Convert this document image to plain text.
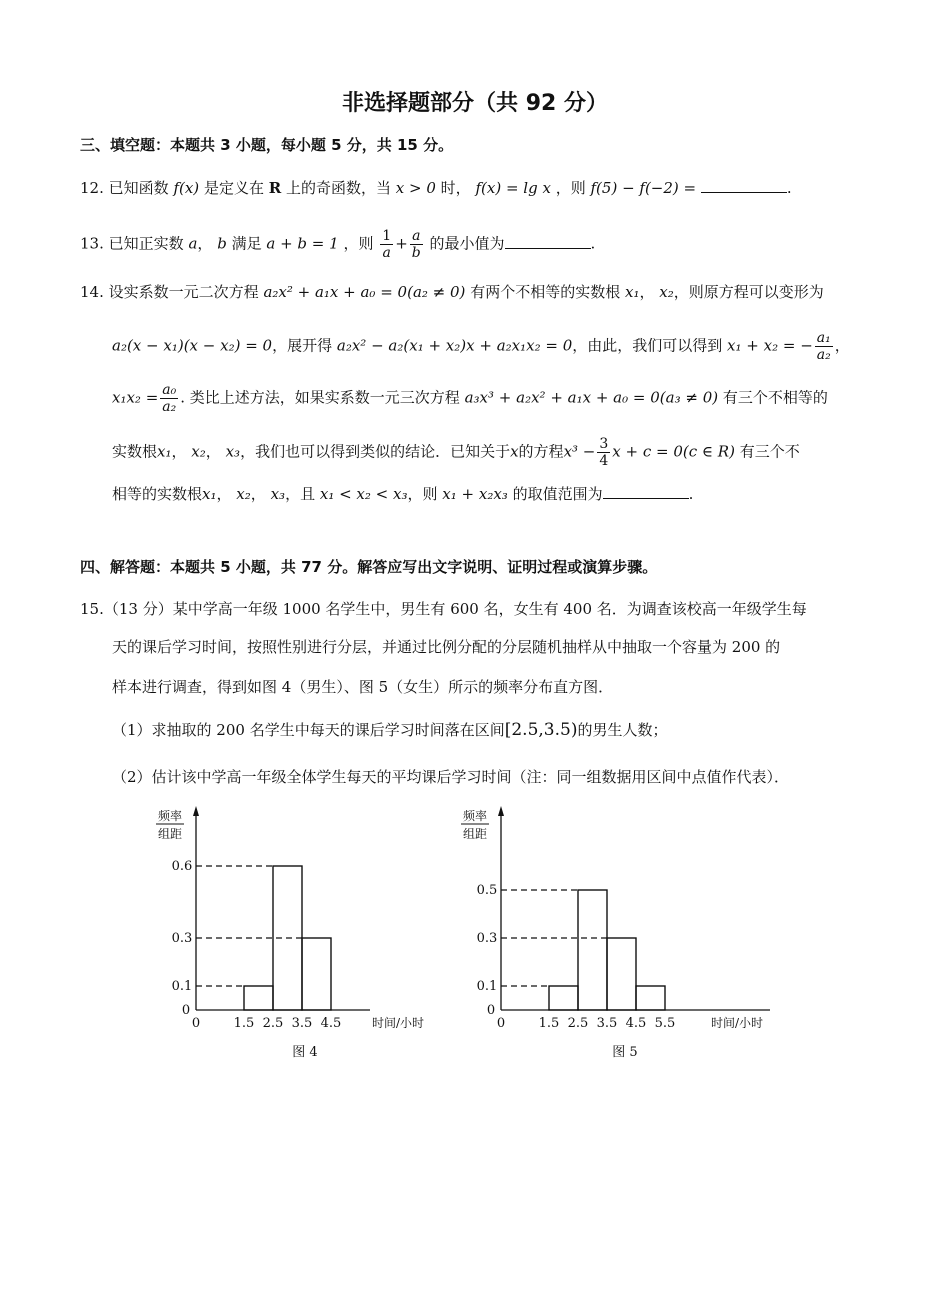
非选择题部分（共 92 分）
三、填空题：本题共 3 小题，每小题 5 分，共 15 分。
12. 已知函数 f(x) 是定义在 R 上的奇函数，当 x > 0 时， f(x) = lg x ，则 f(5) − f(−2) =	.
13. 已知正实数 a， b 满足 a + b = 1 ，则 $\frac{1}{a} + \frac{a}{b}$ 的最小值为	.
14. 设实系数一元二次方程 a₂x² + a₁x + a₀ = 0(a₂ ≠ 0) 有两个不相等的实数根 x₁， x₂，则原方程可以变形为
a₂(x − x₁)(x − x₂) = 0，展开得 a₂x² − a₂(x₁ + x₂)x + a₂x₁x₂ = 0，由此，我们可以得到 x₁ + x₂ = − $\frac{\text{a₁}}{\text{a₂}}$ ，
$x_1x_2 = \frac{\text{a₀}}{\text{a₂}}$ . 类比上述方法，如果实系数一元三次方程 a₃x³ + a₂x² + a₁x + a₀ = 0(a₃ ≠ 0) 有三个不相等的
实数根x₁， x₂， x₃，我们也可以得到类似的结论．已知关于x的方程$x^3 - \frac{3}{4}$ x + c = 0(c ∈ R) 有三个不
相等的实数根x₁， x₂， x₃，且 x₁ < x₂ < x₃，则 x₁ + x₂x₃ 的取值范围为	.
四、解答题：本题共 5 小题，共 77 分。解答应写出文字说明、证明过程或演算步骤。
15.（13 分）某中学高一年级 1000 名学生中，男生有 600 名，女生有 400 名．为调查该校高一年级学生每
天的课后学习时间，按照性别进行分层，并通过比例分配的分层随机抽样从中抽取一个容量为 200 的
样本进行调查，得到如图 4（男生）、图 5（女生）所示的频率分布直方图．
（1）求抽取的 200 名学生中每天的课后学习时间落在区间[2.5,3.5)的男生人数；
（2）估计该中学高一年级全体学生每天的平均课后学习时间（注：同一组数据用区间中点值作代表）．
频率
组距
0
0
0.1
0.3
0.6
1.5 2.5 3.5 4.5	时间/小时
图 4
频率
组距
0
0
0.1
0.3
0.5
1.5 2.5 3.5 4.5 5.5	时间/小时
图 5
